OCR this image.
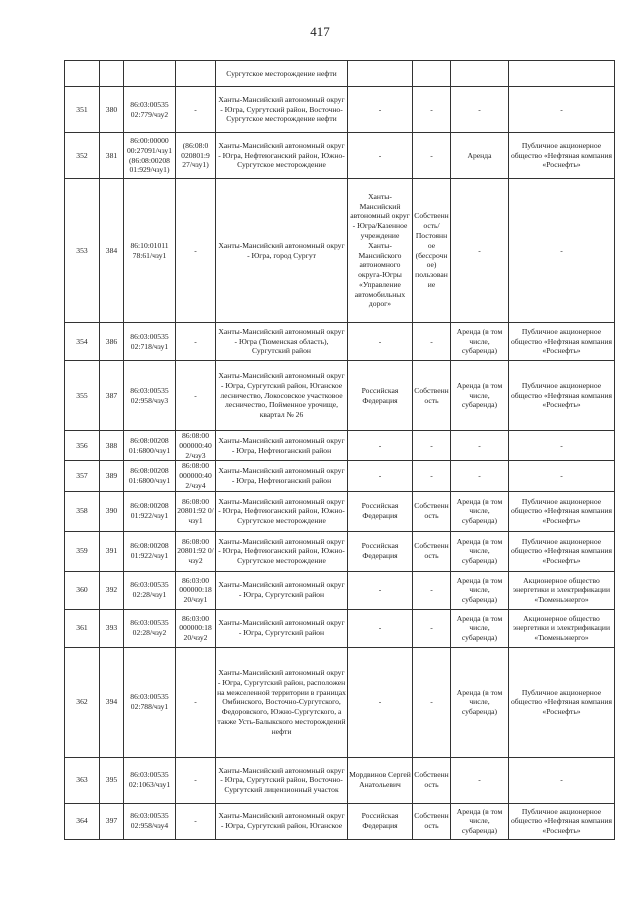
417
				Сургутское месторождение нефти				
351	380	86:03:00535 02:779/чзу2	-	Ханты-Мансийский автономный округ - Югра, Сургутский район, Восточно-Сургутское месторождение нефти	-	-	-	-
352	381	86:00:00000 00:27091/чзу1 (86:08:00208 01:929/чзу1)	(86:08:0 020801:9 27/чзу1)	Ханты-Мансийский автономный округ - Югра, Нефтеюганский район, Южно-Сургутское месторождение	-	-	Аренда	Публичное акционерное общество «Нефтяная компания «Роснефть»
353	384	86:10:01011 78:61/чзу1	-	Ханты-Мансийский автономный округ - Югра, город Сургут	Ханты-Мансийский автономный округ - Югра/Казенное учреждение Ханты-Мансийского автономного округа-Югры «Управление автомобильных дорог»	Собственность/Постоянное (бессрочное) пользование	-	-
354	386	86:03:00535 02:718/чзу1	-	Ханты-Мансийский автономный округ - Югра (Тюменская область), Сургутский район	-	-	Аренда (в том числе, субаренда)	Публичное акционерное общество «Нефтяная компания «Роснефть»
355	387	86:03:00535 02:958/чзу3	-	Ханты-Мансийский автономный округ - Югра, Сургутский район, Юганское лесничество, Локосовское участковое лесничество, Пойменное урочище, квартал № 26	Российская Федерация	Собственность	Аренда (в том числе, субаренда)	Публичное акционерное общество «Нефтяная компания «Роснефть»
356	388	86:08:00208 01:6800/чзу1	86:08:00 000000:40 2/чзу3	Ханты-Мансийский автономный округ - Югра, Нефтеюганский район	-	-	-	-
357	389	86:08:00208 01:6800/чзу1	86:08:00 000000:40 2/чзу4	Ханты-Мансийский автономный округ - Югра, Нефтеюганский район	-	-	-	-
358	390	86:08:00208 01:922/чзу1	86:08:00 20801:92 0/чзу1	Ханты-Мансийский автономный округ - Югра, Нефтеюганский район, Южно-Сургутское месторождение	Российская Федерация	Собственность	Аренда (в том числе, субаренда)	Публичное акционерное общество «Нефтяная компания «Роснефть»
359	391	86:08:00208 01:922/чзу1	86:08:00 20801:92 0/чзу2	Ханты-Мансийский автономный округ - Югра, Нефтеюганский район, Южно-Сургутское месторождение	Российская Федерация	Собственность	Аренда (в том числе, субаренда)	Публичное акционерное общество «Нефтяная компания «Роснефть»
360	392	86:03:00535 02:28/чзу1	86:03:00 000000:18 20/чзу1	Ханты-Мансийский автономный округ - Югра, Сургутский район	-	-	Аренда (в том числе, субаренда)	Акционерное общество энергетики и электрификации «Тюменьэнерго»
361	393	86:03:00535 02:28/чзу2	86:03:00 000000:18 20/чзу2	Ханты-Мансийский автономный округ - Югра, Сургутский район	-	-	Аренда (в том числе, субаренда)	Акционерное общество энергетики и электрификации «Тюменьэнерго»
362	394	86:03:00535 02:788/чзу1	-	Ханты-Мансийский автономный округ - Югра, Сургутский район, расположен на межселенной территории в границах Омбинского, Восточно-Сургутского, Федоровского, Южно-Сургутского, а также Усть-Балыкского месторождений нефти	-	-	Аренда (в том числе, субаренда)	Публичное акционерное общество «Нефтяная компания «Роснефть»
363	395	86:03:00535 02:1063/чзу1	-	Ханты-Мансийский автономный округ - Югра, Сургутский район, Восточно-Сургутский лицензионный участок	Мордвинов Сергей Анатольевич	Собственность	-	-
364	397	86:03:00535 02:958/чзу4	-	Ханты-Мансийский автономный округ - Югра, Сургутский район, Юганское	Российская Федерация	Собственность	Аренда (в том числе, субаренда)	Публичное акционерное общество «Нефтяная компания «Роснефть»
